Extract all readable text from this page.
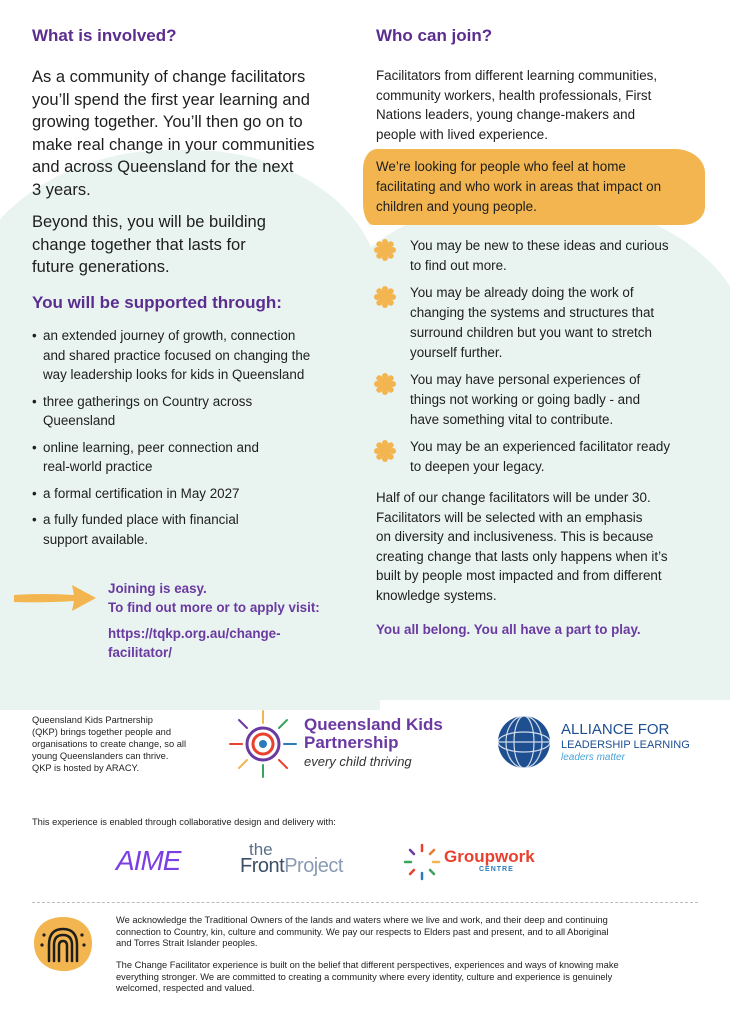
What is involved?
As a community of change facilitators
you’ll spend the first year learning and
growing together. You’ll then go on to
make real change in your communities
and across Queensland for the next
3 years.
Beyond this, you will be building
change together that lasts for
future generations.
You will be supported through:
• an extended journey of growth, connection
and shared practice focused on changing the
way leadership looks for kids in Queensland
• three gatherings on Country across
Queensland
• online learning, peer connection and
real-world practice
• a formal certification in May 2027
• a fully funded place with financial
support available.
Joining is easy.
To find out more or to apply visit:
https://tqkp.org.au/change-
facilitator/
Who can join?
Facilitators from different learning communities,
community workers, health professionals, First
Nations leaders, young change-makers and
people with lived experience.
We’re looking for people who feel at home
facilitating and who work in areas that impact on
children and young people.
You may be new to these ideas and curious
to find out more.
You may be already doing the work of
changing the systems and structures that
surround children but you want to stretch
yourself further.
You may have personal experiences of
things not working or going badly - and
have something vital to contribute.
You may be an experienced facilitator ready
to deepen your legacy.
Half of our change facilitators will be under 30.
Facilitators will be selected with an emphasis
on diversity and inclusiveness. This is because
creating change that lasts only happens when it’s
built by people most impacted and from different
knowledge systems.
You all belong. You all have a part to play.
Queensland Kids Partnership
(QKP) brings together people and
organisations to create change, so all
young Queenslanders can thrive.
QKP is hosted by ARACY.
Queensland Kids
Partnership
every child thriving
ALLIANCE FOR
LEADERSHIP LEARNING
leaders matter
This experience is enabled through collaborative design and delivery with:
AIME	the
FrontProject	Groupwork
CENTRE
We acknowledge the Traditional Owners of the lands and waters where we live and work, and their deep and continuing
connection to Country, kin, culture and community. We pay our respects to Elders past and present, and to all Aboriginal
and Torres Strait Islander peoples.
The Change Facilitator experience is built on the belief that different perspectives, experiences and ways of knowing make
everything stronger. We are committed to creating a community where every identity, culture and experience is genuinely
welcomed, respected and valued.
